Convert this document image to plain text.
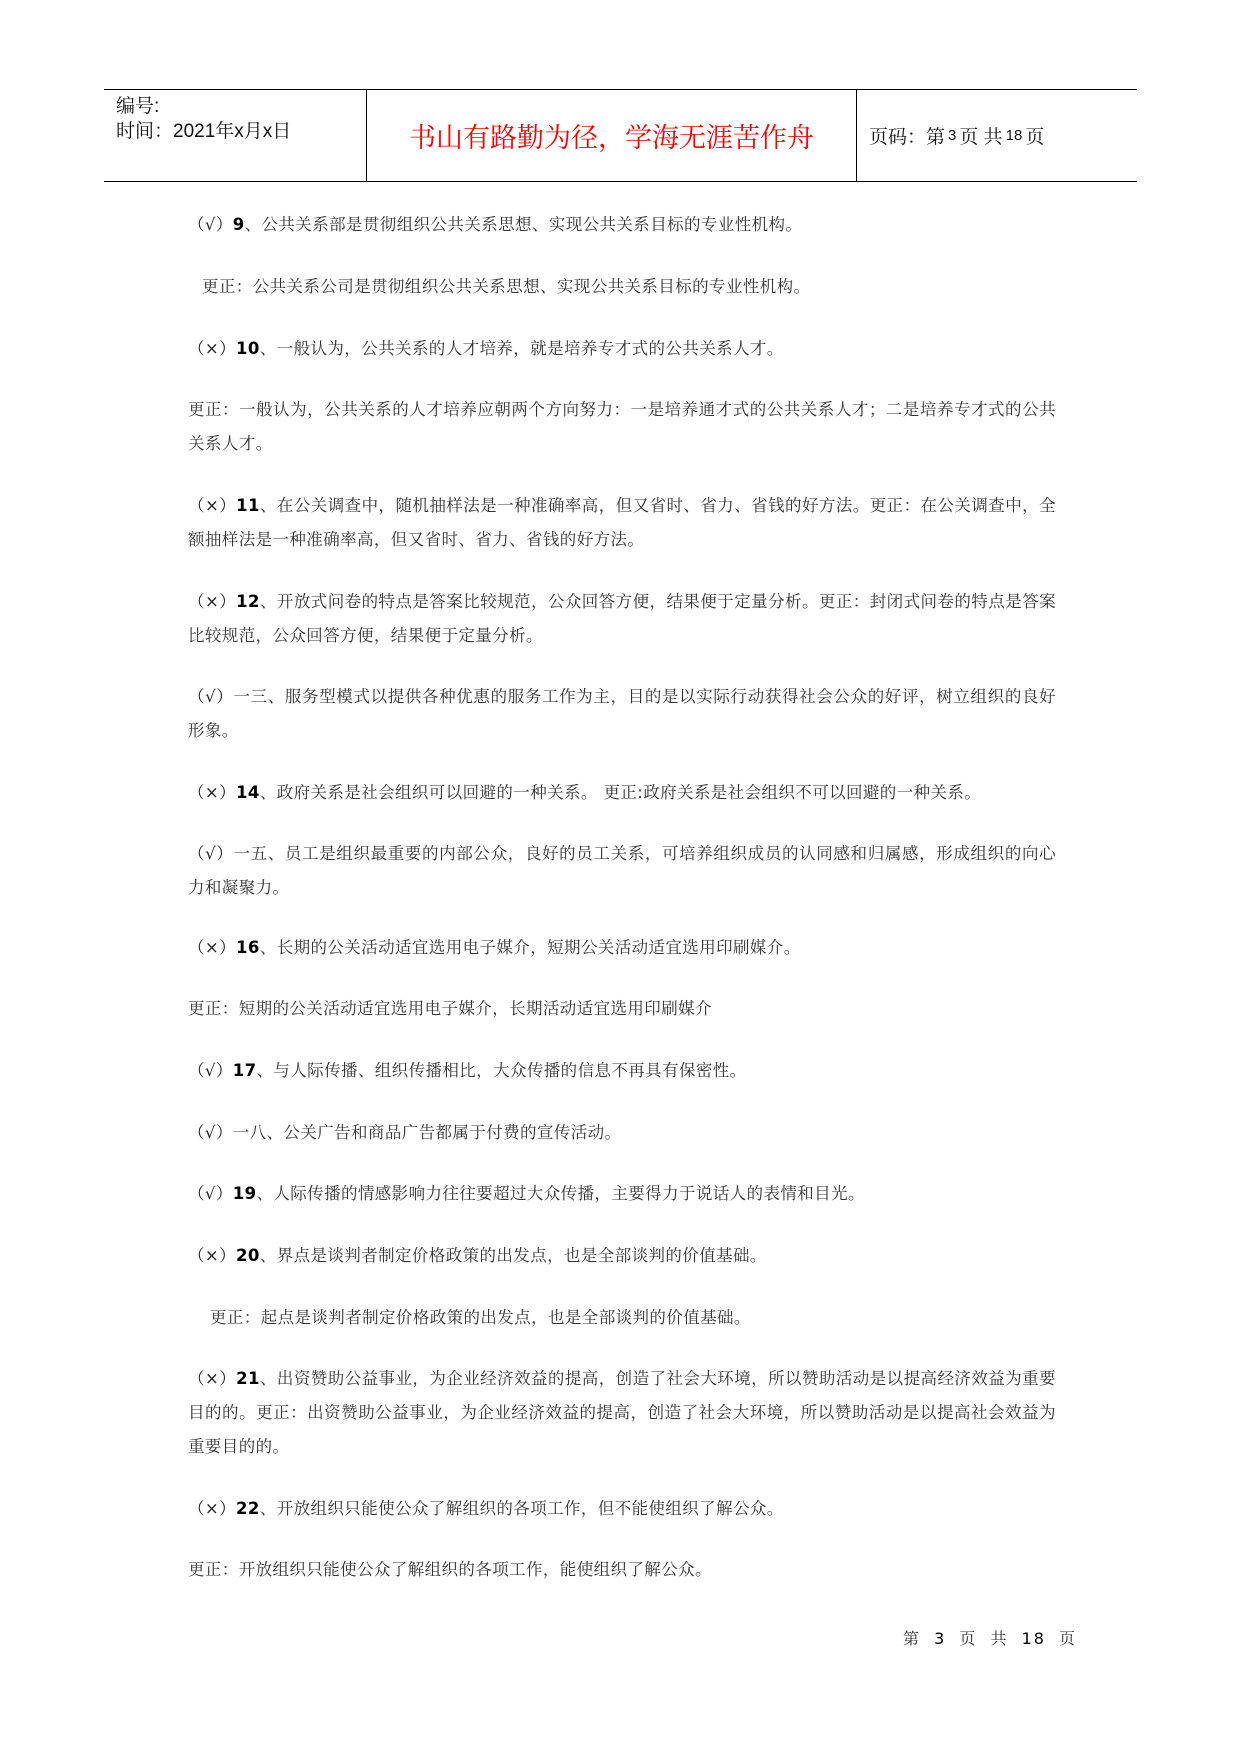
编号:
时间：2021年x月x日	书山有路勤为径，学海无涯苦作舟	页码：第 3 页 共 18 页
（√）9、公共关系部是贯彻组织公共关系思想、实现公共关系目标的专业性机构。
更正：公共关系公司是贯彻组织公共关系思想、实现公共关系目标的专业性机构。
（×）10、一般认为，公共关系的人才培养，就是培养专才式的公共关系人才。
更正：一般认为，公共关系的人才培养应朝两个方向努力：一是培养通才式的公共关系人才；二是培养专才式的公共关系人才。
（×）11、在公关调查中，随机抽样法是一种准确率高，但又省时、省力、省钱的好方法。更正：在公关调查中，全额抽样法是一种准确率高，但又省时、省力、省钱的好方法。
（×）12、开放式问卷的特点是答案比较规范，公众回答方便，结果便于定量分析。更正：封闭式问卷的特点是答案比较规范，公众回答方便，结果便于定量分析。
（√）一三、服务型模式以提供各种优惠的服务工作为主，目的是以实际行动获得社会公众的好评，树立组织的良好形象。
（×）14、政府关系是社会组织可以回避的一种关系。 更正:政府关系是社会组织不可以回避的一种关系。
（√）一五、员工是组织最重要的内部公众，良好的员工关系，可培养组织成员的认同感和归属感，形成组织的向心力和凝聚力。
（×）16、长期的公关活动适宜选用电子媒介，短期公关活动适宜选用印刷媒介。
更正：短期的公关活动适宜选用电子媒介，长期活动适宜选用印刷媒介
（√）17、与人际传播、组织传播相比，大众传播的信息不再具有保密性。
（√）一八、公关广告和商品广告都属于付费的宣传活动。
（√）19、人际传播的情感影响力往往要超过大众传播，主要得力于说话人的表情和目光。
（×）20、界点是谈判者制定价格政策的出发点，也是全部谈判的价值基础。
更正：起点是谈判者制定价格政策的出发点，也是全部谈判的价值基础。
（×）21、出资赞助公益事业，为企业经济效益的提高，创造了社会大环境，所以赞助活动是以提高经济效益为重要目的的。更正：出资赞助公益事业，为企业经济效益的提高，创造了社会大环境，所以赞助活动是以提高社会效益为重要目的的。
（×）22、开放组织只能使公众了解组织的各项工作，但不能使组织了解公众。
更正：开放组织只能使公众了解组织的各项工作，能使组织了解公众。
第 3 页 共 18 页
